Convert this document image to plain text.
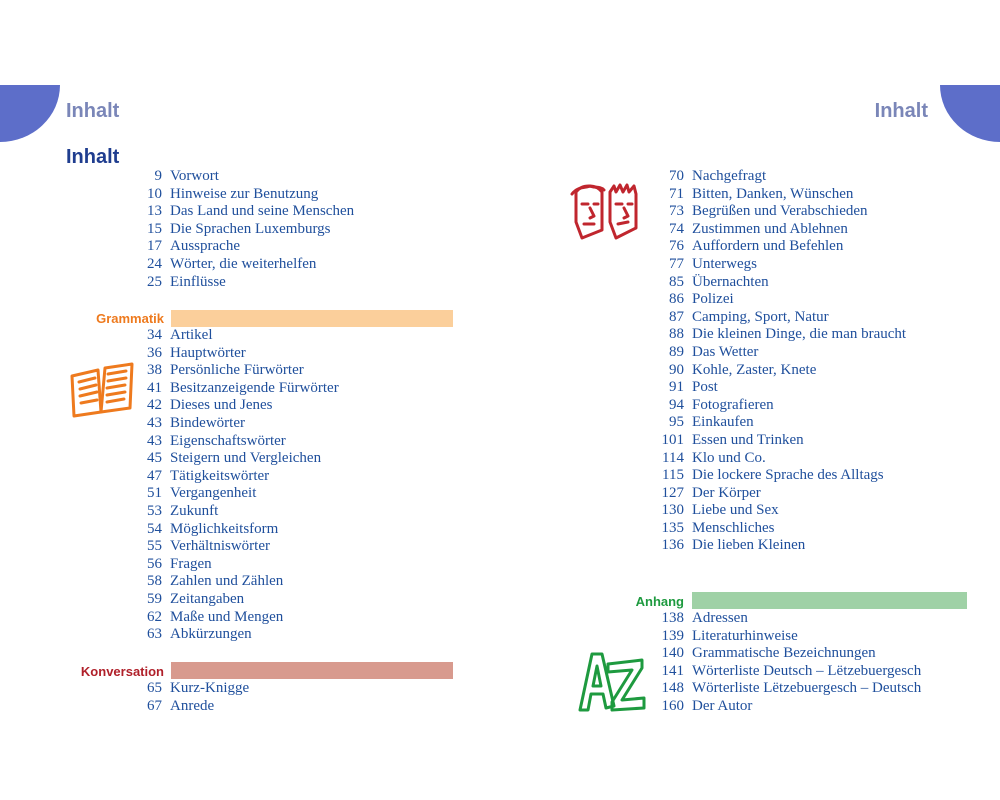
Inhalt	Inhalt
Inhalt
9 Vorwort
10 Hinweise zur Benutzung
13 Das Land und seine Menschen
15 Die Sprachen Luxemburgs
17 Aussprache
24 Wörter, die weiterhelfen
25 Einflüsse
Grammatik
34 Artikel
36 Hauptwörter
38 Persönliche Fürwörter
41 Besitzanzeigende Fürwörter
42 Dieses und Jenes
43 Bindewörter
43 Eigenschaftswörter
45 Steigern und Vergleichen
47 Tätigkeitswörter
51 Vergangenheit
53 Zukunft
54 Möglichkeitsform
55 Verhältniswörter
56 Fragen
58 Zahlen und Zählen
59 Zeitangaben
62 Maße und Mengen
63 Abkürzungen
Konversation
65 Kurz-Knigge
67 Anrede
70 Nachgefragt
71 Bitten, Danken, Wünschen
73 Begrüßen und Verabschieden
74 Zustimmen und Ablehnen
76 Auffordern und Befehlen
77 Unterwegs
85 Übernachten
86 Polizei
87 Camping, Sport, Natur
88 Die kleinen Dinge, die man braucht
89 Das Wetter
90 Kohle, Zaster, Knete
91 Post
94 Fotografieren
95 Einkaufen
101 Essen und Trinken
114 Klo und Co.
115 Die lockere Sprache des Alltags
127 Der Körper
130 Liebe und Sex
135 Menschliches
136 Die lieben Kleinen
Anhang
138 Adressen
139 Literaturhinweise
140 Grammatische Bezeichnungen
141 Wörterliste Deutsch – Lëtzebuergesch
148 Wörterliste Lëtzebuergesch – Deutsch
160 Der Autor
